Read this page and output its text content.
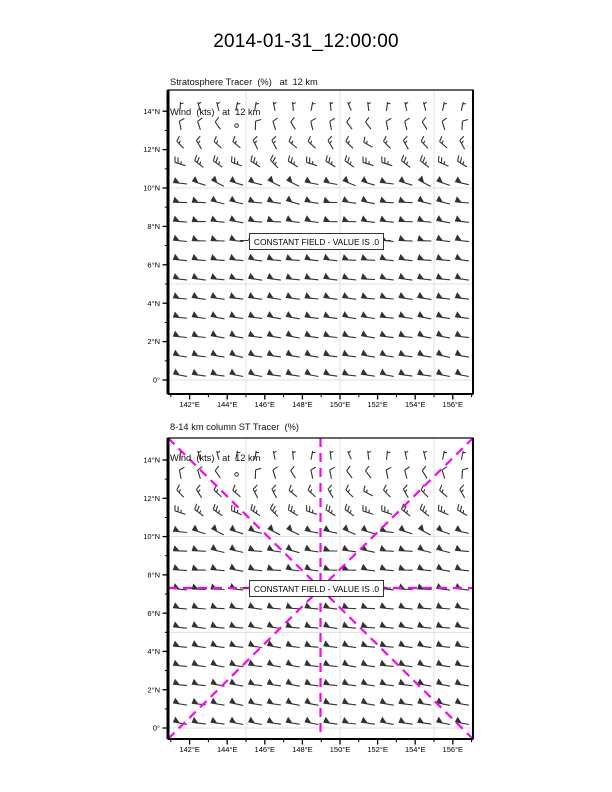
2014-01-31_12:00:00

Stratosphere Tracer  (%)   at  12 km

Wind  (kts)   at  12 km

142°E 144°E 146°E 148°E 150°E 152°E 154°E 156°E
0°
2°N
4°N
6°N
8°N
10°N
12°N
14°N
142°E 144°E 146°E 148°E 150°E 152°E 154°E 156°E
0°
2°N
4°N
6°N
8°N
10°N
12°N
14°N
CONSTANT FIELD - VALUE IS .0
CONSTANT FIELD - VALUE IS .0

8-14 km column ST Tracer  (%)

Wind  (kts)   at  12 km
